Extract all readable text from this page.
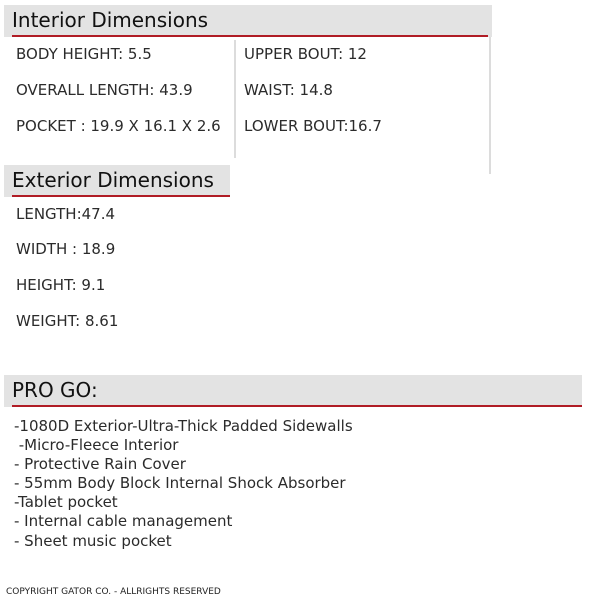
Interior Dimensions
BODY HEIGHT: 5.5
OVERALL LENGTH: 43.9
POCKET : 19.9 X 16.1 X 2.6
UPPER BOUT: 12
WAIST: 14.8
LOWER BOUT:16.7
Exterior Dimensions
LENGTH:47.4
WIDTH : 18.9
HEIGHT: 9.1
WEIGHT: 8.61
PRO GO:
-1080D Exterior-Ultra-Thick Padded Sidewalls
-Micro-Fleece Interior
- Protective Rain Cover
- 55mm Body Block Internal Shock Absorber
-Tablet pocket
- Internal cable management
- Sheet music pocket
COPYRIGHT GATOR CO. - ALLRIGHTS RESERVED
